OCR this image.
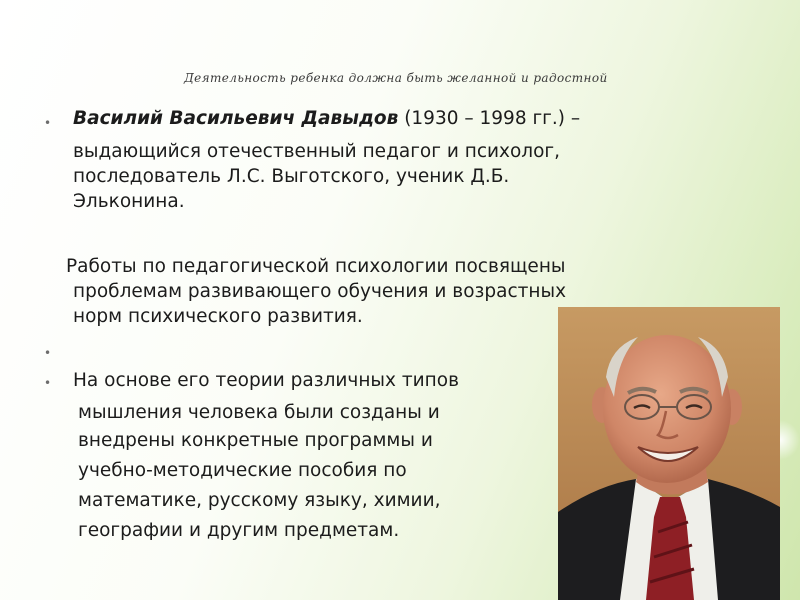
Деятельность ребенка должна быть желанной и радостной
• Василий Васильевич Давыдов (1930 – 1998 гг.) –
выдающийся отечественный педагог и психолог,
последователь Л.С. Выготского, ученик Д.Б.
Эльконина.
Работы по педагогической психологии посвящены
проблемам развивающего обучения и возрастных
норм психического развития.
•
• На основе его теории различных типов
мышления человека были созданы и
внедрены конкретные программы и
учебно-методические пособия по
математике, русскому языку, химии,
географии и другим предметам.
